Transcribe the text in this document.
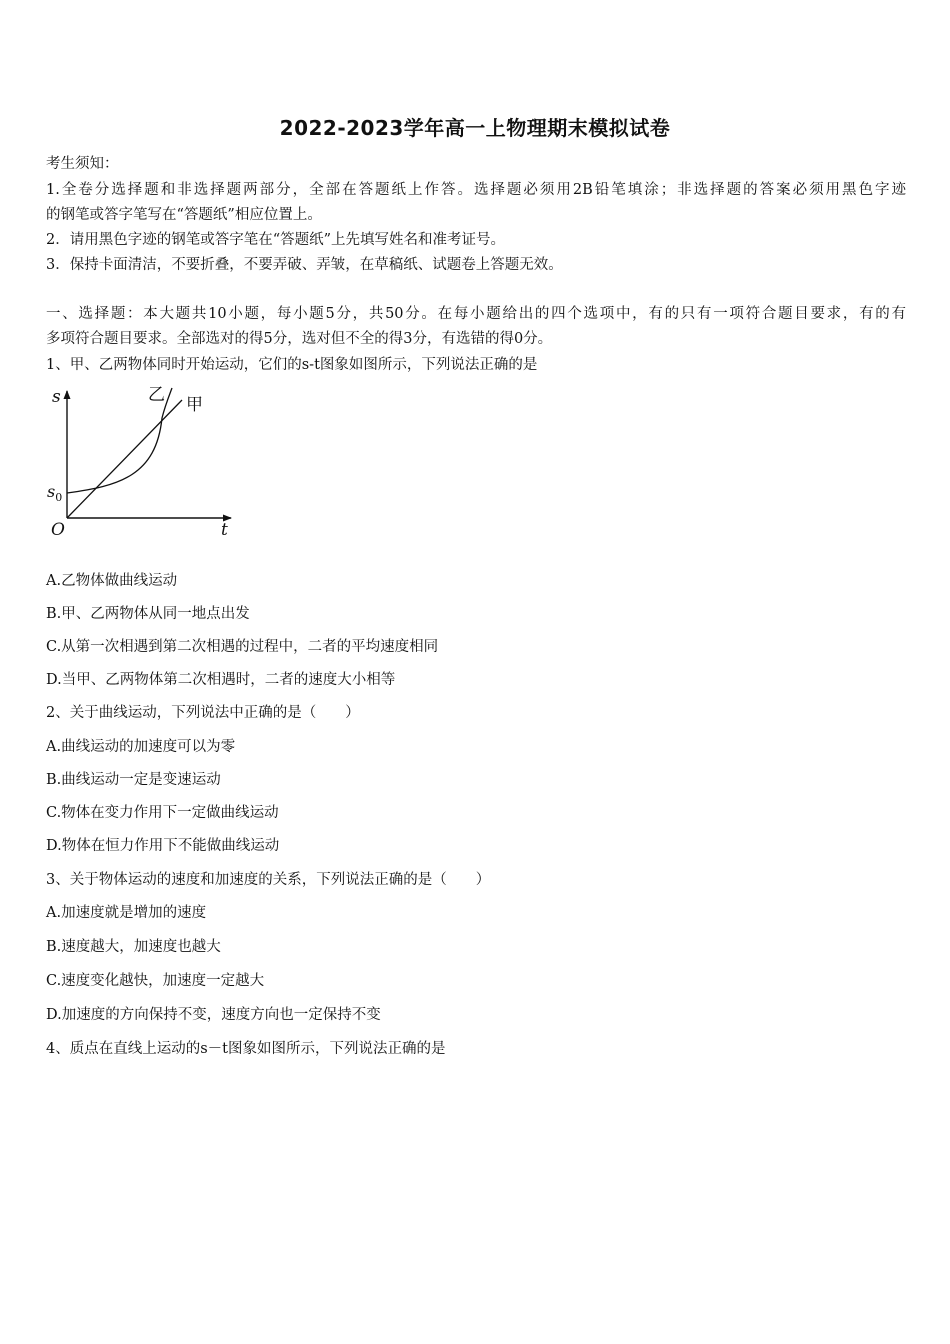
2022-2023学年高一上物理期末模拟试卷
考生须知：
1.全卷分选择题和非选择题两部分，全部在答题纸上作答。选择题必须用2B铅笔填涂；非选择题的答案必须用黑色字迹
的钢笔或答字笔写在“答题纸”相应位置上。
2．请用黑色字迹的钢笔或答字笔在“答题纸”上先填写姓名和准考证号。
3．保持卡面清洁，不要折叠，不要弄破、弄皱，在草稿纸、试题卷上答题无效。
一、选择题：本大题共10小题，每小题5分，共50分。在每小题给出的四个选项中，有的只有一项符合题目要求，有的有
多项符合题目要求。全部选对的得5分，选对但不全的得3分，有选错的得0分。
1、甲、乙两物体同时开始运动，它们的s-t图象如图所示，下列说法正确的是
s
t
O
$s_0$
乙 甲
A.乙物体做曲线运动
B.甲、乙两物体从同一地点出发
C.从第一次相遇到第二次相遇的过程中，二者的平均速度相同
D.当甲、乙两物体第二次相遇时，二者的速度大小相等
2、关于曲线运动，下列说法中正确的是（　　）
A.曲线运动的加速度可以为零
B.曲线运动一定是变速运动
C.物体在变力作用下一定做曲线运动
D.物体在恒力作用下不能做曲线运动
3、关于物体运动的速度和加速度的关系，下列说法正确的是（　　）
A.加速度就是增加的速度
B.速度越大，加速度也越大
C.速度变化越快，加速度一定越大
D.加速度的方向保持不变，速度方向也一定保持不变
4、质点在直线上运动的s－t图象如图所示，下列说法正确的是
